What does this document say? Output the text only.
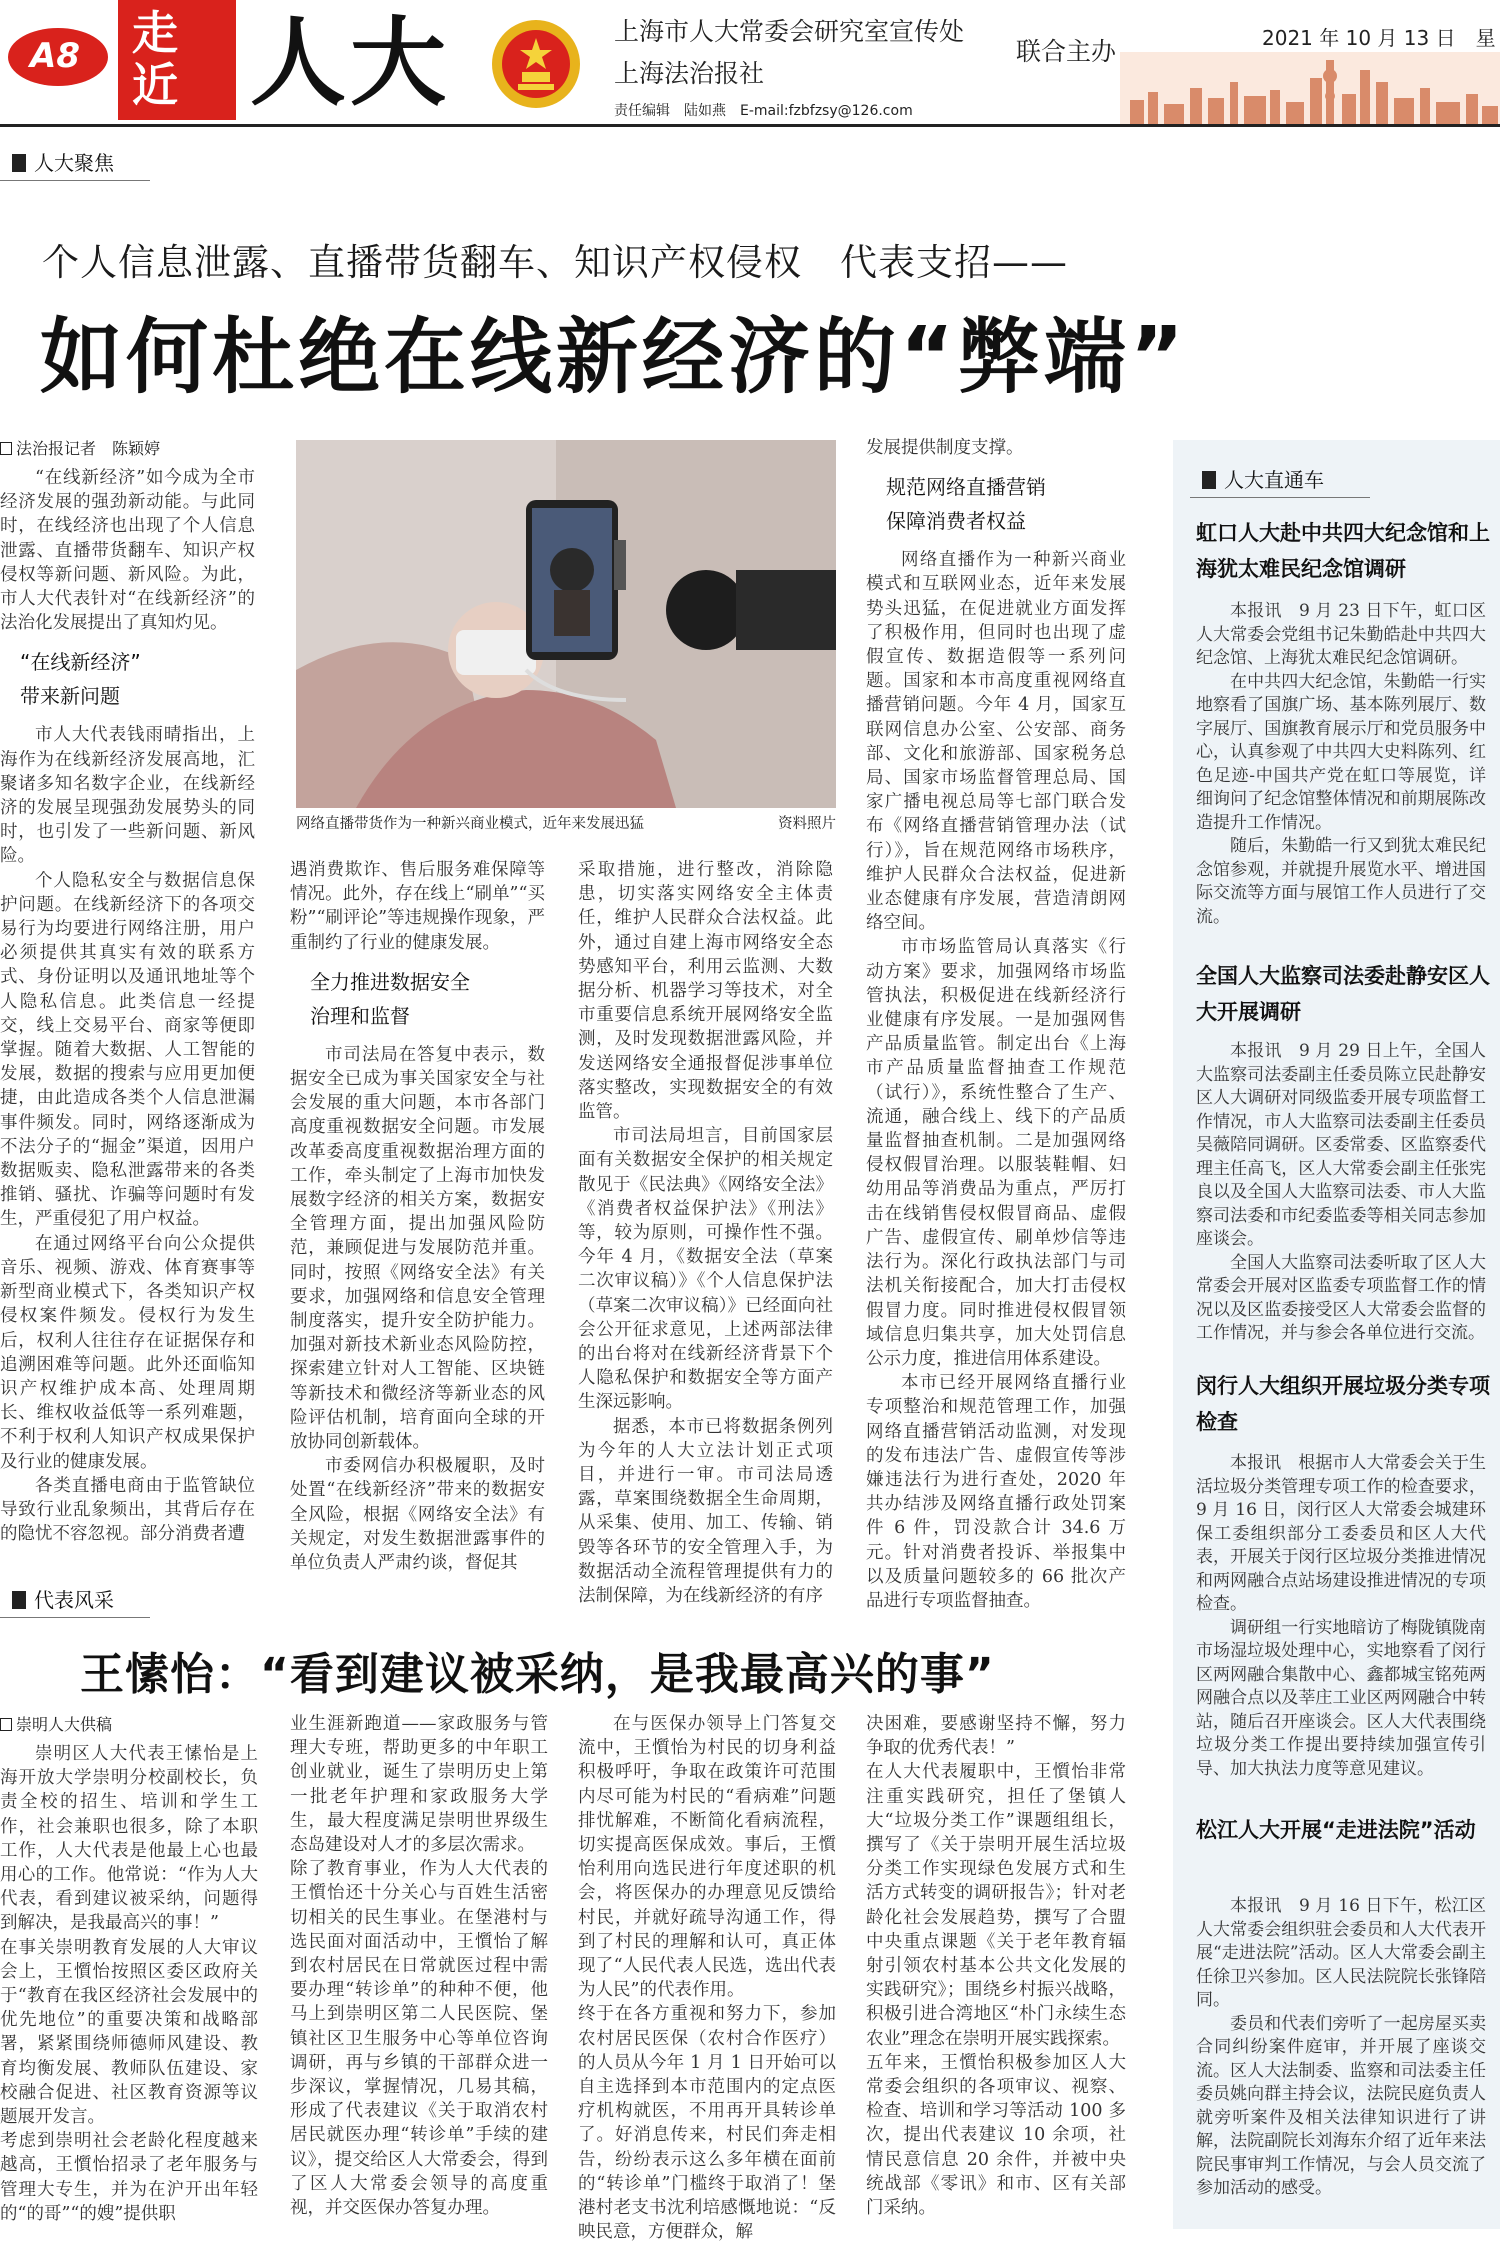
A8 走
近 人大	上海市人大常委会研究室宣传处
上海法治报社
联合主办
责任编辑　陆如燕　E-mail:fzbfzsy@126.com
2021 年 10 月 13 日　星
人大聚焦
个人信息泄露、直播带货翻车、知识产权侵权　代表支招——
如何杜绝在线新经济的“弊端”
法治报记者　陈颖婷

“在线新经济”如今成为全市经济发展的强劲新动能。与此同时，在线经济也出现了个人信息泄露、直播带货翻车、知识产权侵权等新问题、新风险。为此，市人大代表针对“在线新经济”的法治化发展提出了真知灼见。

“在线新经济”
带来新问题

市人大代表钱雨晴指出，上海作为在线新经济发展高地，汇聚诸多知名数字企业，在线新经济的发展呈现强劲发展势头的同时，也引发了一些新问题、新风险。

个人隐私安全与数据信息保护问题。在线新经济下的各项交易行为均要进行网络注册，用户必须提供其真实有效的联系方式、身份证明以及通讯地址等个人隐私信息。此类信息一经提交，线上交易平台、商家等便即掌握。随着大数据、人工智能的发展，数据的搜索与应用更加便捷，由此造成各类个人信息泄漏事件频发。同时，网络逐渐成为不法分子的“掘金”渠道，因用户数据贩卖、隐私泄露带来的各类推销、骚扰、诈骗等问题时有发生，严重侵犯了用户权益。

在通过网络平台向公众提供音乐、视频、游戏、体育赛事等新型商业模式下，各类知识产权侵权案件频发。侵权行为发生后，权利人往往存在证据保存和追溯困难等问题。此外还面临知识产权维护成本高、处理周期长、维权收益低等一系列难题，不利于权利人知识产权成果保护及行业的健康发展。

各类直播电商由于监管缺位导致行业乱象频出，其背后存在的隐忧不容忽视。部分消费者遭

网络直播带货作为一种新兴商业模式，近年来发展迅猛	资料照片

遇消费欺诈、售后服务难保障等情况。此外，存在线上“刷单”“买粉”“刷评论”等违规操作现象，严重制约了行业的健康发展。

全力推进数据安全
治理和监督

市司法局在答复中表示，数据安全已成为事关国家安全与社会发展的重大问题，本市各部门高度重视数据安全问题。市发展改革委高度重视数据治理方面的工作，牵头制定了上海市加快发展数字经济的相关方案，数据安全管理方面，提出加强风险防范，兼顾促进与发展防范并重。同时，按照《网络安全法》有关要求，加强网络和信息安全管理制度落实，提升安全防护能力。加强对新技术新业态风险防控，探索建立针对人工智能、区块链等新技术和微经济等新业态的风险评估机制，培育面向全球的开放协同创新载体。

市委网信办积极履职，及时处置“在线新经济”带来的数据安全风险，根据《网络安全法》有关规定，对发生数据泄露事件的单位负责人严肃约谈，督促其

采取措施，进行整改，消除隐患，切实落实网络安全主体责任，维护人民群众合法权益。此外，通过自建上海市网络安全态势感知平台，利用云监测、大数据分析、机器学习等技术，对全市重要信息系统开展网络安全监测，及时发现数据泄露风险，并发送网络安全通报督促涉事单位落实整改，实现数据安全的有效监管。

市司法局坦言，目前国家层面有关数据安全保护的相关规定散见于《民法典》《网络安全法》《消费者权益保护法》《刑法》等，较为原则，可操作性不强。今年 4 月，《数据安全法（草案二次审议稿）》《个人信息保护法（草案二次审议稿）》已经面向社会公开征求意见，上述两部法律的出台将对在线新经济背景下个人隐私保护和数据安全等方面产生深远影响。

据悉，本市已将数据条例列为今年的人大立法计划正式项目，并进行一审。市司法局透露，草案围绕数据全生命周期，从采集、使用、加工、传输、销毁等各环节的安全管理入手，为数据活动全流程管理提供有力的法制保障，为在线新经济的有序

发展提供制度支撑。

规范网络直播营销
保障消费者权益

网络直播作为一种新兴商业模式和互联网业态，近年来发展势头迅猛，在促进就业方面发挥了积极作用，但同时也出现了虚假宣传、数据造假等一系列问题。国家和本市高度重视网络直播营销问题。今年 4 月，国家互联网信息办公室、公安部、商务部、文化和旅游部、国家税务总局、国家市场监督管理总局、国家广播电视总局等七部门联合发布《网络直播营销管理办法（试行）》，旨在规范网络市场秩序，维护人民群众合法权益，促进新业态健康有序发展，营造清朗网络空间。

市市场监管局认真落实《行动方案》要求，加强网络市场监管执法，积极促进在线新经济行业健康有序发展。一是加强网售产品质量监管。制定出台《上海市产品质量监督抽查工作规范（试行）》，系统性整合了生产、流通，融合线上、线下的产品质量监督抽查机制。二是加强网络侵权假冒治理。以服装鞋帽、妇幼用品等消费品为重点，严厉打击在线销售侵权假冒商品、虚假广告、虚假宣传、刷单炒信等违法行为。深化行政执法部门与司法机关衔接配合，加大打击侵权假冒力度。同时推进侵权假冒领域信息归集共享，加大处罚信息公示力度，推进信用体系建设。

本市已经开展网络直播行业专项整治和规范管理工作，加强网络直播营销活动监测，对发现的发布违法广告、虚假宣传等涉嫌违法行为进行查处，2020 年共办结涉及网络直播行政处罚案件 6 件，罚没款合计 34.6 万元。针对消费者投诉、举报集中以及质量问题较多的 66 批次产品进行专项监督抽查。

人大直通车
虹口人大赴中共四大纪念馆和上海犹太难民纪念馆调研

本报讯　9 月 23 日下午，虹口区人大常委会党组书记朱勤皓赴中共四大纪念馆、上海犹太难民纪念馆调研。

在中共四大纪念馆，朱勤皓一行实地察看了国旗广场、基本陈列展厅、数字展厅、国旗教育展示厅和党员服务中心，认真参观了中共四大史料陈列、红色足迹-中国共产党在虹口等展览，详细询问了纪念馆整体情况和前期展陈改造提升工作情况。

随后，朱勤皓一行又到犹太难民纪念馆参观，并就提升展览水平、增进国际交流等方面与展馆工作人员进行了交流。

全国人大监察司法委赴静安区人大开展调研

本报讯　9 月 29 日上午，全国人大监察司法委副主任委员陈立民赴静安区人大调研对同级监委开展专项监督工作情况，市人大监察司法委副主任委员吴薇陪同调研。区委常委、区监察委代理主任高飞，区人大常委会副主任张宪良以及全国人大监察司法委、市人大监察司法委和市纪委监委等相关同志参加座谈会。

全国人大监察司法委听取了区人大常委会开展对区监委专项监督工作的情况以及区监委接受区人大常委会监督的工作情况，并与参会各单位进行交流。

闵行人大组织开展垃圾分类专项检查

本报讯　根据市人大常委会关于生活垃圾分类管理专项工作的检查要求，9 月 16 日，闵行区人大常委会城建环保工委组织部分工委委员和区人大代表，开展关于闵行区垃圾分类推进情况和两网融合点站场建设推进情况的专项检查。

调研组一行实地暗访了梅陇镇陇南市场湿垃圾处理中心，实地察看了闵行区两网融合集散中心、鑫都城宝铭苑两网融合点以及莘庄工业区两网融合中转站，随后召开座谈会。区人大代表围绕垃圾分类工作提出要持续加强宣传引导、加大执法力度等意见建议。

松江人大开展“走进法院”活动

本报讯　9 月 16 日下午，松江区人大常委会组织驻会委员和人大代表开展“走进法院”活动。区人大常委会副主任徐卫兴参加。区人民法院院长张锋陪同。

委员和代表们旁听了一起房屋买卖合同纠纷案件庭审，并开展了座谈交流。区人大法制委、监察和司法委主任委员姚向群主持会议，法院民庭负责人就旁听案件及相关法律知识进行了讲解，法院副院长刘海东介绍了近年来法院民事审判工作情况，与会人员交流了参加活动的感受。

代表风采
王愫怡：“看到建议被采纳，是我最高兴的事”
崇明人大供稿
崇明区人大代表王愫怡是上海开放大学崇明分校副校长，负责全校的招生、培训和学生工作，社会兼职也很多，除了本职工作，人大代表是他最上心也最用心的工作。他常说：“作为人大代表，看到建议被采纳，问题得到解决，是我最高兴的事！”
在事关崇明教育发展的人大审议会上，王懫怡按照区委区政府关于“教育在我区经济社会发展中的优先地位”的重要决策和战略部署，紧紧围绕师德师风建设、教育均衡发展、教师队伍建设、家校融合促进、社区教育资源等议题展开发言。
考虑到崇明社会老龄化程度越来越高，王懫怡招录了老年服务与管理大专生，并为在沪开出年轻的“的哥”“的嫂”提供职
业生涯新跑道——家政服务与管理大专班，帮助更多的中年职工创业就业，诞生了崇明历史上第一批老年护理和家政服务大学生，最大程度满足崇明世界级生态岛建设对人才的多层次需求。
除了教育事业，作为人大代表的王懫怡还十分关心与百姓生活密切相关的民生事业。在堡港村与选民面对面活动中，王懫怡了解到农村居民在日常就医过程中需要办理“转诊单”的种种不便，他马上到崇明区第二人民医院、堡镇社区卫生服务中心等单位咨询调研，再与乡镇的干部群众进一步深议，掌握情况，几易其稿，形成了代表建议《关于取消农村居民就医办理“转诊单”手续的建议》，提交给区人大常委会，得到了区人大常委会领导的高度重视，并交医保办答复办理。
在与医保办领导上门答复交流中，王懫怡为村民的切身利益积极呼吁，争取在政策许可范围内尽可能为村民的“看病难”问题排忧解难，不断简化看病流程，切实提高医保成效。事后，王懫怡利用向选民进行年度述职的机会，将医保办的办理意见反馈给村民，并就好疏导沟通工作，得到了村民的理解和认可，真正体现了“人民代表人民选，选出代表为人民”的代表作用。
终于在各方重视和努力下，参加农村居民医保（农村合作医疗）的人员从今年 1 月 1 日开始可以自主选择到本市范围内的定点医疗机构就医，不用再开具转诊单了。好消息传来，村民们奔走相告，纷纷表示这么多年横在面前的“转诊单”门槛终于取消了！堡港村老支书沈利培感慨地说：“反映民意，方便群众，解
决困难，要感谢坚持不懈，努力争取的优秀代表！”
在人大代表履职中，王懫怡非常注重实践研究，担任了堡镇人大“垃圾分类工作”课题组组长，撰写了《关于崇明开展生活垃圾分类工作实现绿色发展方式和生活方式转变的调研报告》；针对老龄化社会发展趋势，撰写了合盟中央重点课题《关于老年教育辐射引领农村基本公共文化发展的实践研究》；围绕乡村振兴战略，积极引进合湾地区“朴门永续生态农业”理念在崇明开展实践探索。
五年来，王懫怡积极参加区人大常委会组织的各项审议、视察、检查、培训和学习等活动 100 多次，提出代表建议 10 余项，社情民意信息 20 余件，并被中央统战部《零讯》和市、区有关部门采纳。
